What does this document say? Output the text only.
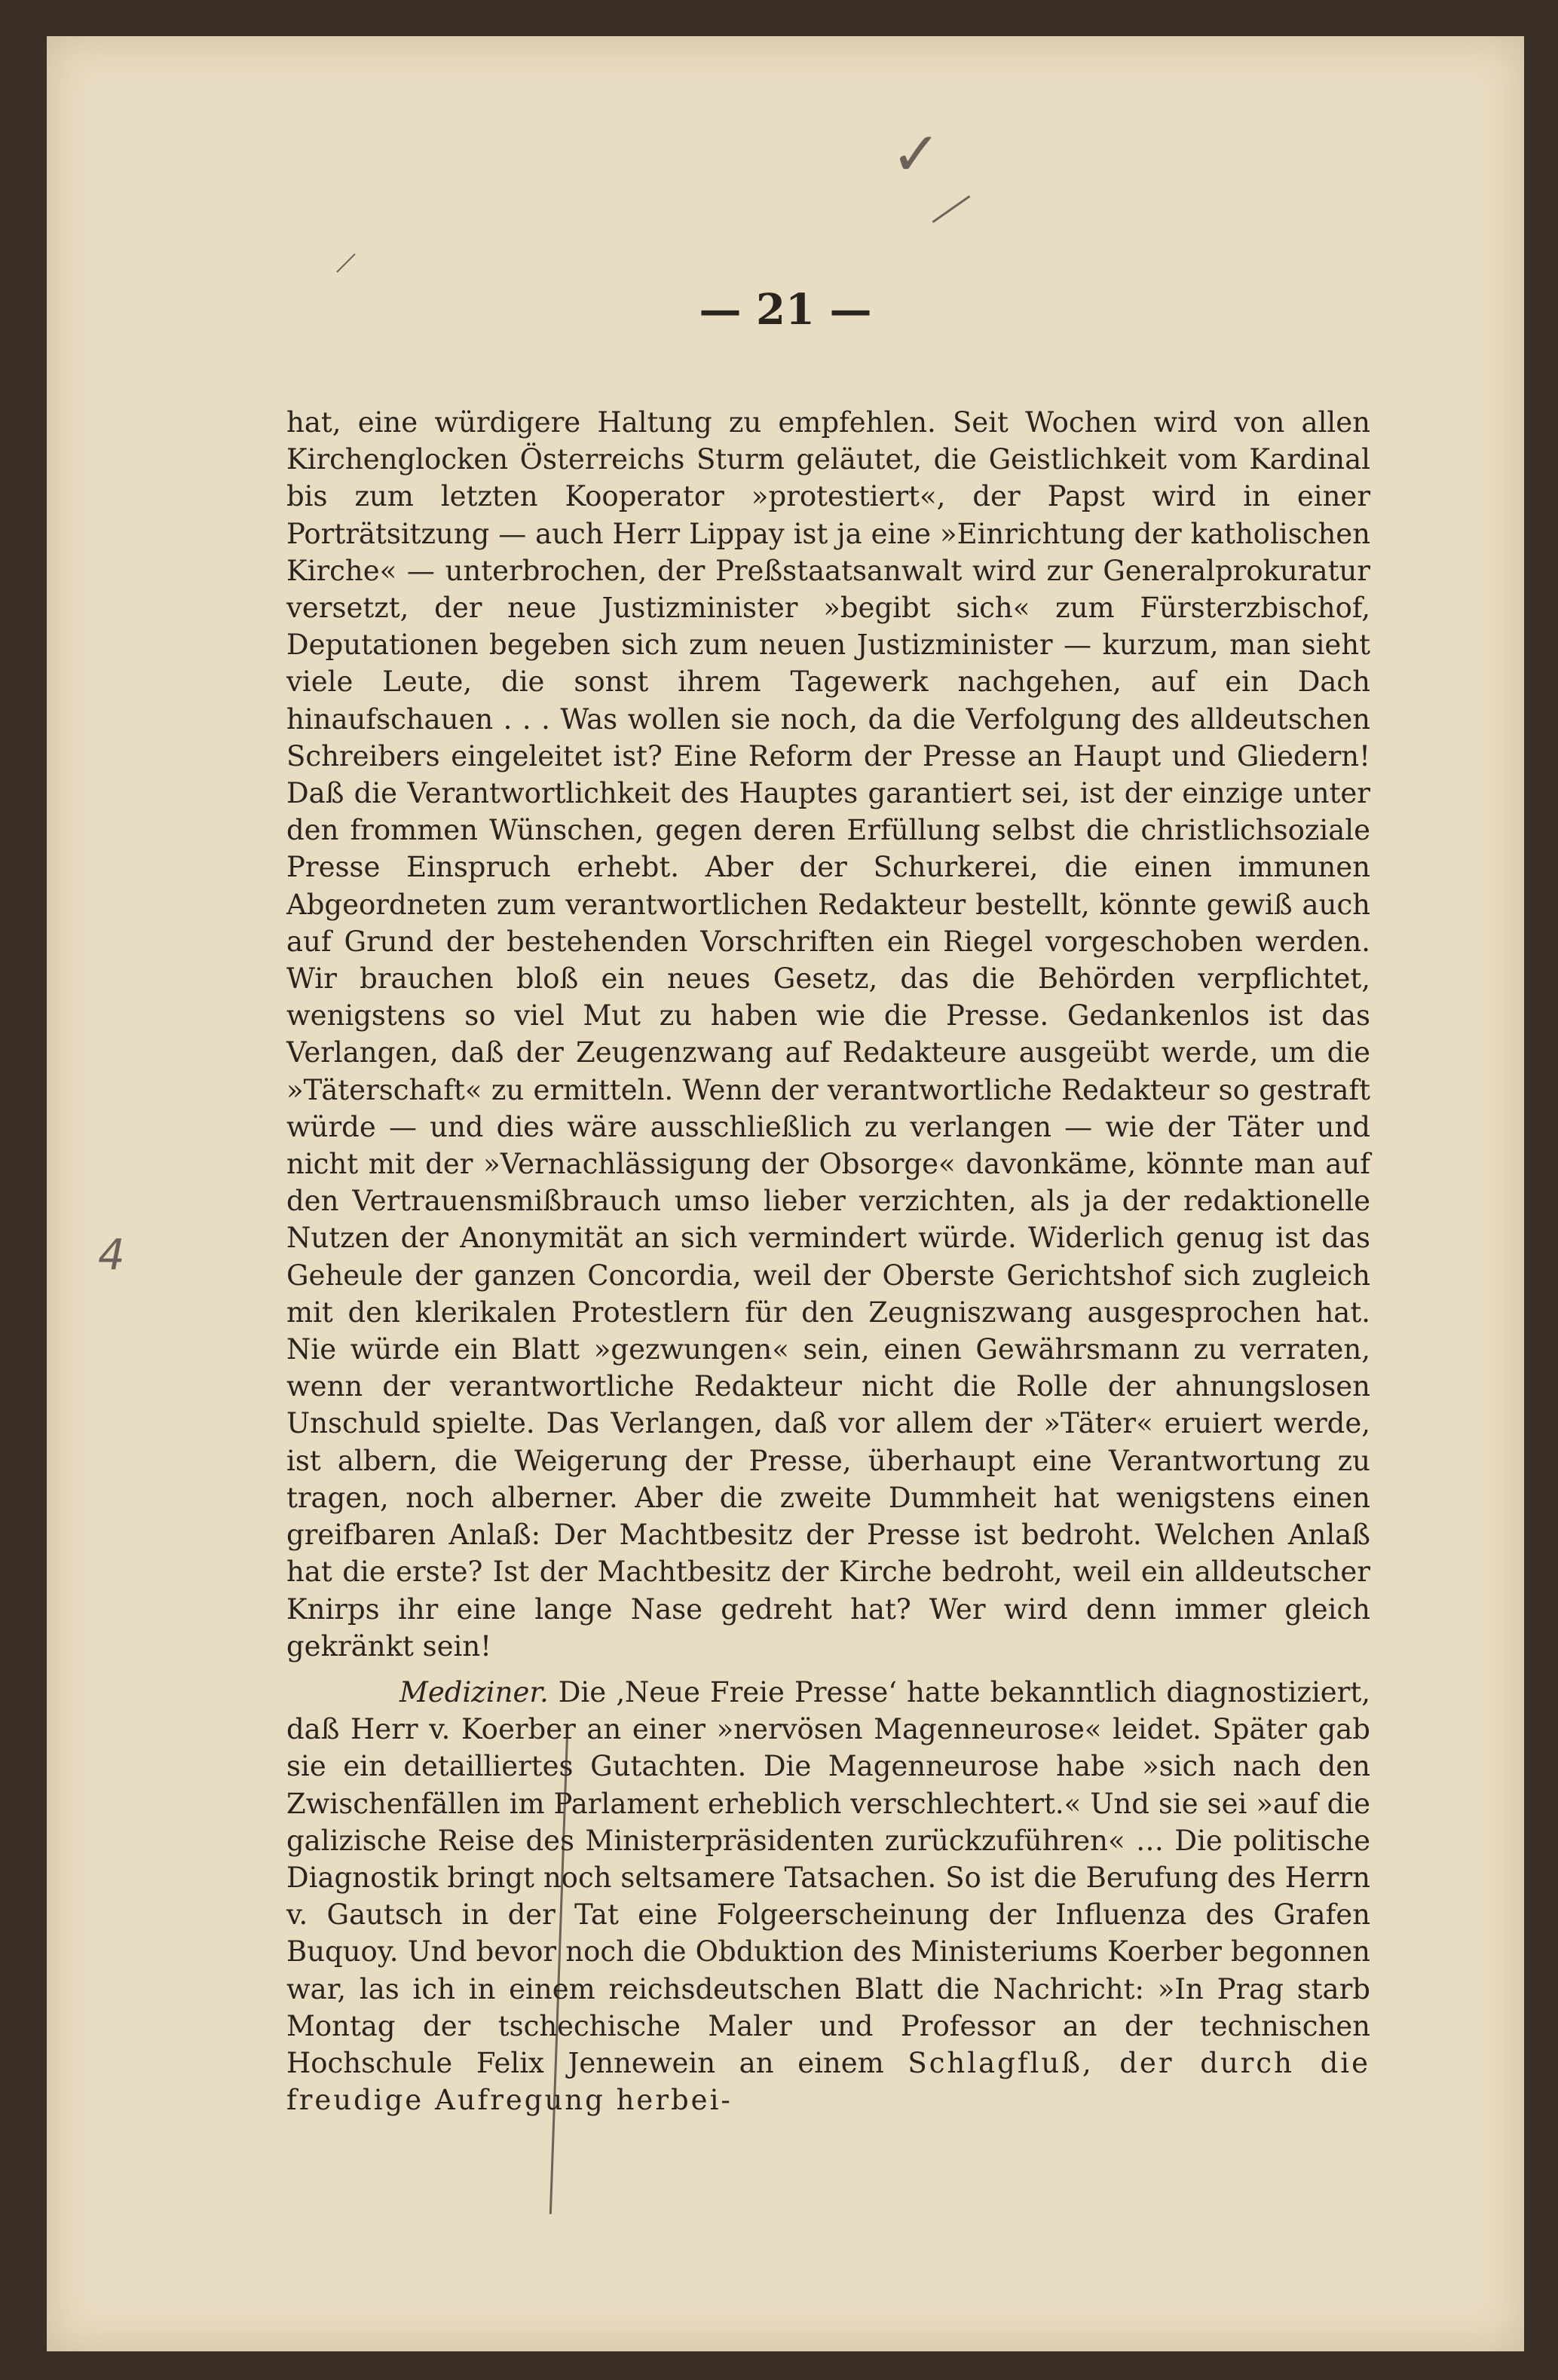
✓
4
— 21 —

hat, eine würdigere Haltung zu empfehlen. Seit Wochen wird von allen Kirchenglocken Österreichs Sturm geläutet, die Geistlichkeit vom Kardinal bis zum letzten Kooperator »protestiert«, der Papst wird in einer Porträtsitzung — auch Herr Lippay ist ja eine »Einrichtung der katholischen Kirche« — unterbrochen, der Preßstaatsanwalt wird zur Generalprokuratur versetzt, der neue Justizminister »begibt sich« zum Fürsterzbischof, Deputationen begeben sich zum neuen Justizminister — kurzum, man sieht viele Leute, die sonst ihrem Tagewerk nachgehen, auf ein Dach hinaufschauen . . . Was wollen sie noch, da die Verfolgung des alldeutschen Schreibers eingeleitet ist? Eine Reform der Presse an Haupt und Gliedern! Daß die Verantwortlichkeit des Hauptes garantiert sei, ist der einzige unter den frommen Wünschen, gegen deren Erfüllung selbst die christlichsoziale Presse Einspruch erhebt. Aber der Schurkerei, die einen immunen Abgeordneten zum verantwortlichen Redakteur bestellt, könnte gewiß auch auf Grund der bestehenden Vorschriften ein Riegel vorgeschoben werden. Wir brauchen bloß ein neues Gesetz, das die Behörden verpflichtet, wenigstens so viel Mut zu haben wie die Presse. Gedankenlos ist das Verlangen, daß der Zeugenzwang auf Redakteure ausgeübt werde, um die »Täterschaft« zu ermitteln. Wenn der verantwortliche Redakteur so gestraft würde — und dies wäre ausschließlich zu verlangen — wie der Täter und nicht mit der »Vernachlässigung der Obsorge« davonkäme, könnte man auf den Vertrauensmißbrauch umso lieber verzichten, als ja der redaktionelle Nutzen der Anonymität an sich vermindert würde. Widerlich genug ist das Geheule der ganzen Concordia, weil der Oberste Gerichtshof sich zugleich mit den klerikalen Protestlern für den Zeugniszwang ausgesprochen hat. Nie würde ein Blatt »gezwungen« sein, einen Gewährsmann zu verraten, wenn der verantwortliche Redakteur nicht die Rolle der ahnungslosen Unschuld spielte. Das Verlangen, daß vor allem der »Täter« eruiert werde, ist albern, die Weigerung der Presse, überhaupt eine Verantwortung zu tragen, noch alberner. Aber die zweite Dummheit hat wenigstens einen greifbaren Anlaß: Der Machtbesitz der Presse ist bedroht. Welchen Anlaß hat die erste? Ist der Machtbesitz der Kirche bedroht, weil ein alldeutscher Knirps ihr eine lange Nase gedreht hat? Wer wird denn immer gleich gekränkt sein!

Mediziner. Die ‚Neue Freie Presse‘ hatte bekanntlich diagnostiziert, daß Herr v. Koerber an einer »nervösen Magenneurose« leidet. Später gab sie ein detailliertes Gutachten. Die Magenneurose habe »sich nach den Zwischenfällen im Parlament erheblich verschlechtert.« Und sie sei »auf die galizische Reise des Ministerpräsidenten zurückzuführen« … Die politische Diagnostik bringt noch seltsamere Tatsachen. So ist die Berufung des Herrn v. Gautsch in der Tat eine Folgeerscheinung der Influenza des Grafen Buquoy. Und bevor noch die Obduktion des Ministeriums Koerber begonnen war, las ich in einem reichsdeutschen Blatt die Nachricht: »In Prag starb Montag der tschechische Maler und Professor an der technischen Hochschule Felix Jennewein an einem Schlagfluß, der durch die freudige Aufregung herbei-
